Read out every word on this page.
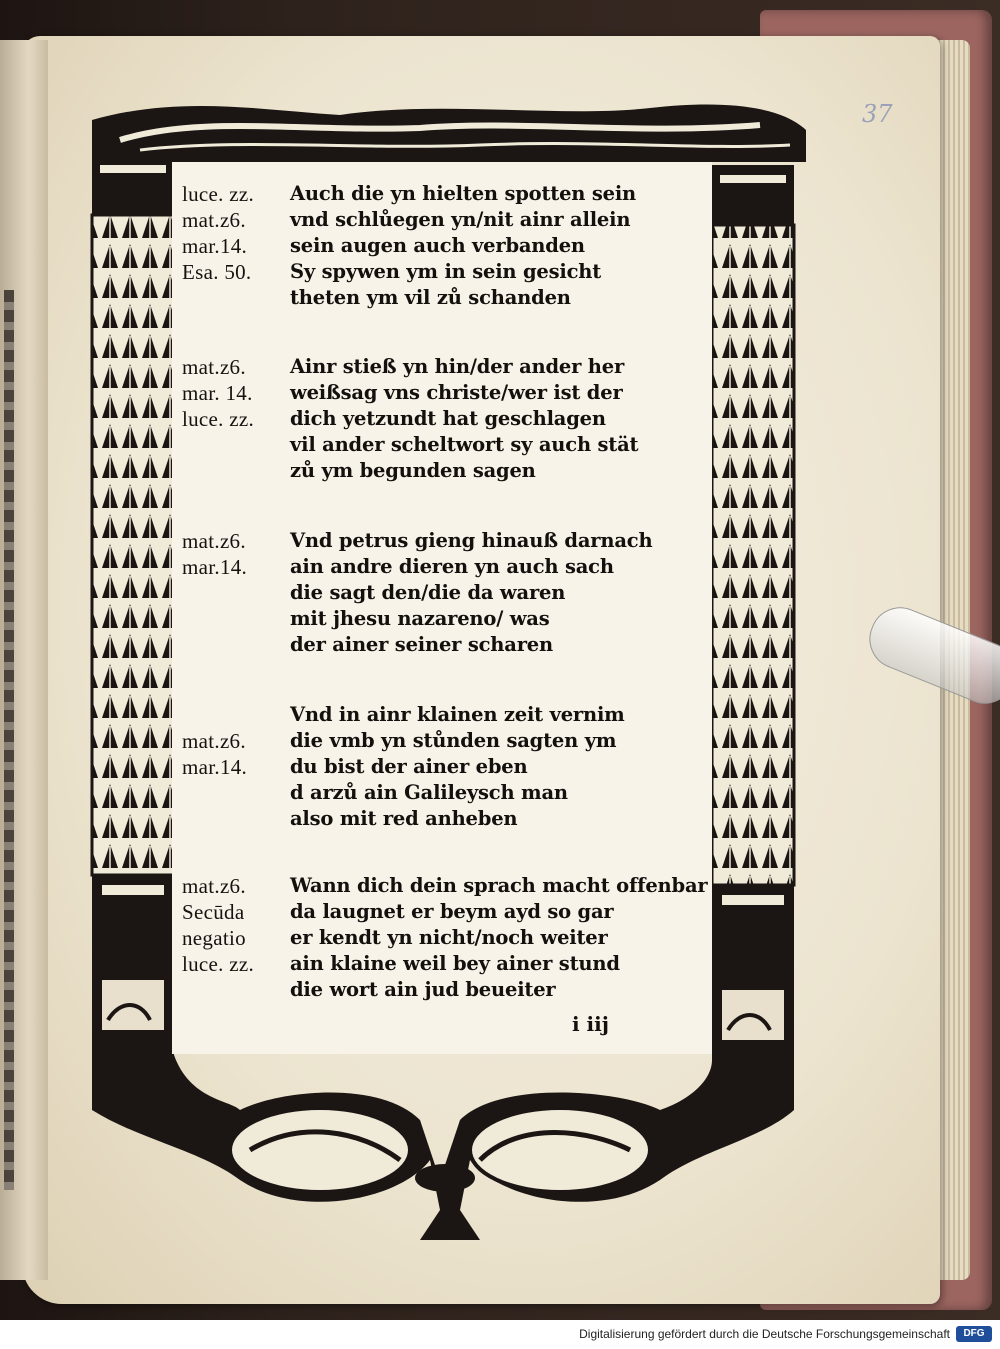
37
luce. zz.	Auch die yn hielten spotten sein
mat.z6.	vnd schlůegen yn/nit ainr allein
mar.14.	sein augen auch verbanden
Esa. 50.	Sy spywen ym in sein gesicht
theten ym vil zů schanden
mat.z6.	Ainr stieß yn hin/der ander her
mar. 14.	weißsag vns christe/wer ist der
luce. zz.	dich yetzundt hat geschlagen
vil ander scheltwort sy auch stät
zů ym begunden sagen
mat.z6.	Vnd petrus gieng hinauß darnach
mar.14.	ain andre dieren yn auch sach
die sagt den/die da waren
mit jhesu nazareno/ was
der ainer seiner scharen
Vnd in ainr klainen zeit vernim
mat.z6.	die vmb yn stůnden sagten ym
mar.14.	du bist der ainer eben
d arzů ain Galileysch man
also mit red anheben
mat.z6.	Wann dich dein sprach macht offenbar
Secūda	da laugnet er beym ayd so gar
negatio	er kendt yn nicht/noch weiter
luce. zz.	ain klaine weil bey ainer stund
die wort ain jud beueiter
i iij
Digitalisierung gefördert durch die Deutsche Forschungsgemeinschaft	DFG
